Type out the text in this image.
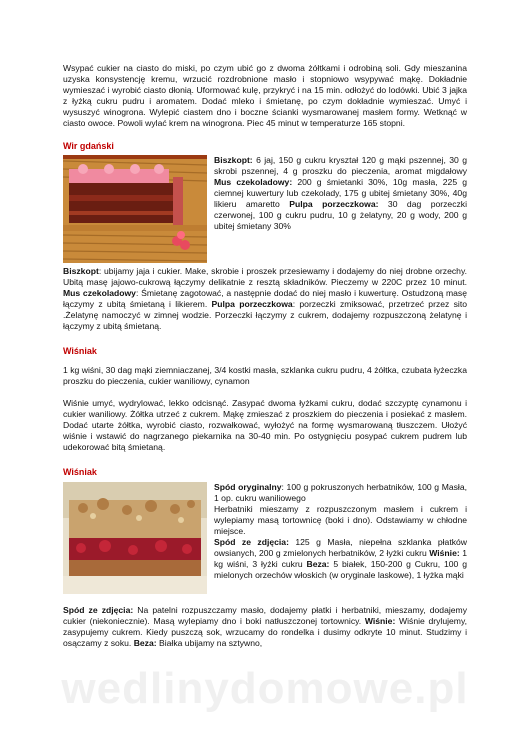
Wsypać cukier na ciasto do miski, po czym ubić go z dwoma żółtkami i odrobiną soli. Gdy mieszanina uzyska konsystencję kremu, wrzucić rozdrobnione masło i stopniowo wsypywać mąkę. Dokładnie wymieszać i wyrobić ciasto dłonią. Uformować kulę, przykryć i na 15 min. odłożyć do lodówki. Ubić 3 jajka z łyżką cukru pudru i aromatem. Dodać mleko i śmietanę, po czym dokładnie wymieszać. Umyć i wysuszyć winogrona. Wylepić ciastem dno i boczne ścianki wysmarowanej masłem formy. Wetknąć w ciasto owoce. Powoli wylać krem na winogrona. Piec 45 minut w temperaturze 165 stopni.

Wir gdański
Biszkopt: 6 jaj, 150 g cukru kryształ 120 g mąki pszennej, 30 g skrobi pszennej, 4 g proszku do pieczenia, aromat migdałowy Mus czekoladowy: 200 g śmietanki 30%, 10g masła, 225 g ciemnej kuwertury lub czekolady, 175 g ubitej śmietany 30%, 40g likieru amaretto Pulpa porzeczkowa: 30 dag porzeczki czerwonej, 100 g cukru pudru, 10 g żelatyny, 20 g wody, 200 g ubitej śmietany 30%

Biszkopt: ubijamy jaja i cukier. Make, skrobie i proszek przesiewamy i dodajemy do niej drobne orzechy. Ubitą masę jajowo-cukrową łączymy delikatnie z resztą składników. Pieczemy w 220C przez 10 minut. Mus czekoladowy: Śmietanę zagotować, a następnie dodać do niej masło i kuwerturę. Ostudzoną masę łączymy z ubitą śmietaną i likierem. Pulpa porzeczkowa: porzeczki zmiksować, przetrzeć przez sito .Żelatynę namoczyć w zimnej wodzie. Porzeczki łączymy z cukrem, dodajemy rozpuszczoną żelatynę i łączymy z ubitą śmietaną.

Wiśniak

1 kg wiśni, 30 dag mąki ziemniaczanej, 3/4 kostki masła, szklanka cukru pudru, 4 żółtka, czubata łyżeczka proszku do pieczenia, cukier waniliowy, cynamon

Wiśnie umyć, wydrylować, lekko odcisnąć. Zasypać dwoma łyżkami cukru, dodać szczyptę cynamonu i cukier waniliowy. Żółtka utrzeć z cukrem. Mąkę zmieszać z proszkiem do pieczenia i posiekać z masłem. Dodać utarte żółtka, wyrobić ciasto, rozwałkować, wyłożyć na formę wysmarowaną tłuszczem. Ułożyć wiśnie i wstawić do nagrzanego piekarnika na 30-40 min. Po ostygnięciu posypać cukrem pudrem lub udekorować bitą śmietaną.

Wiśniak
Spód oryginalny: 100 g pokruszonych herbatników, 100 g Masła, 1 op. cukru waniliowego
Herbatniki mieszamy z rozpuszczonym masłem i cukrem i wylepiamy masą tortownicę (boki i dno). Odstawiamy w chłodne miejsce.
Spód ze zdjęcia: 125 g Masła, niepełna szklanka płatków owsianych, 200 g zmielonych herbatników, 2 łyżki cukru Wiśnie: 1 kg wiśni, 3 łyżki cukru Beza: 5 białek, 150-200 g Cukru, 100 g mielonych orzechów włoskich (w oryginale laskowe), 1 łyżka mąki

Spód ze zdjęcia: Na patelni rozpuszczamy masło, dodajemy płatki i herbatniki, mieszamy, dodajemy cukier (niekoniecznie). Masą wylepiamy dno i boki natłuszczonej tortownicy. Wiśnie: Wiśnie drylujemy, zasypujemy cukrem. Kiedy puszczą sok, wrzucamy do rondelka i dusimy odkryte 10 minut. Studzimy i osączamy z soku. Beza: Białka ubijamy na sztywno,

wedlinydomowe.pl
